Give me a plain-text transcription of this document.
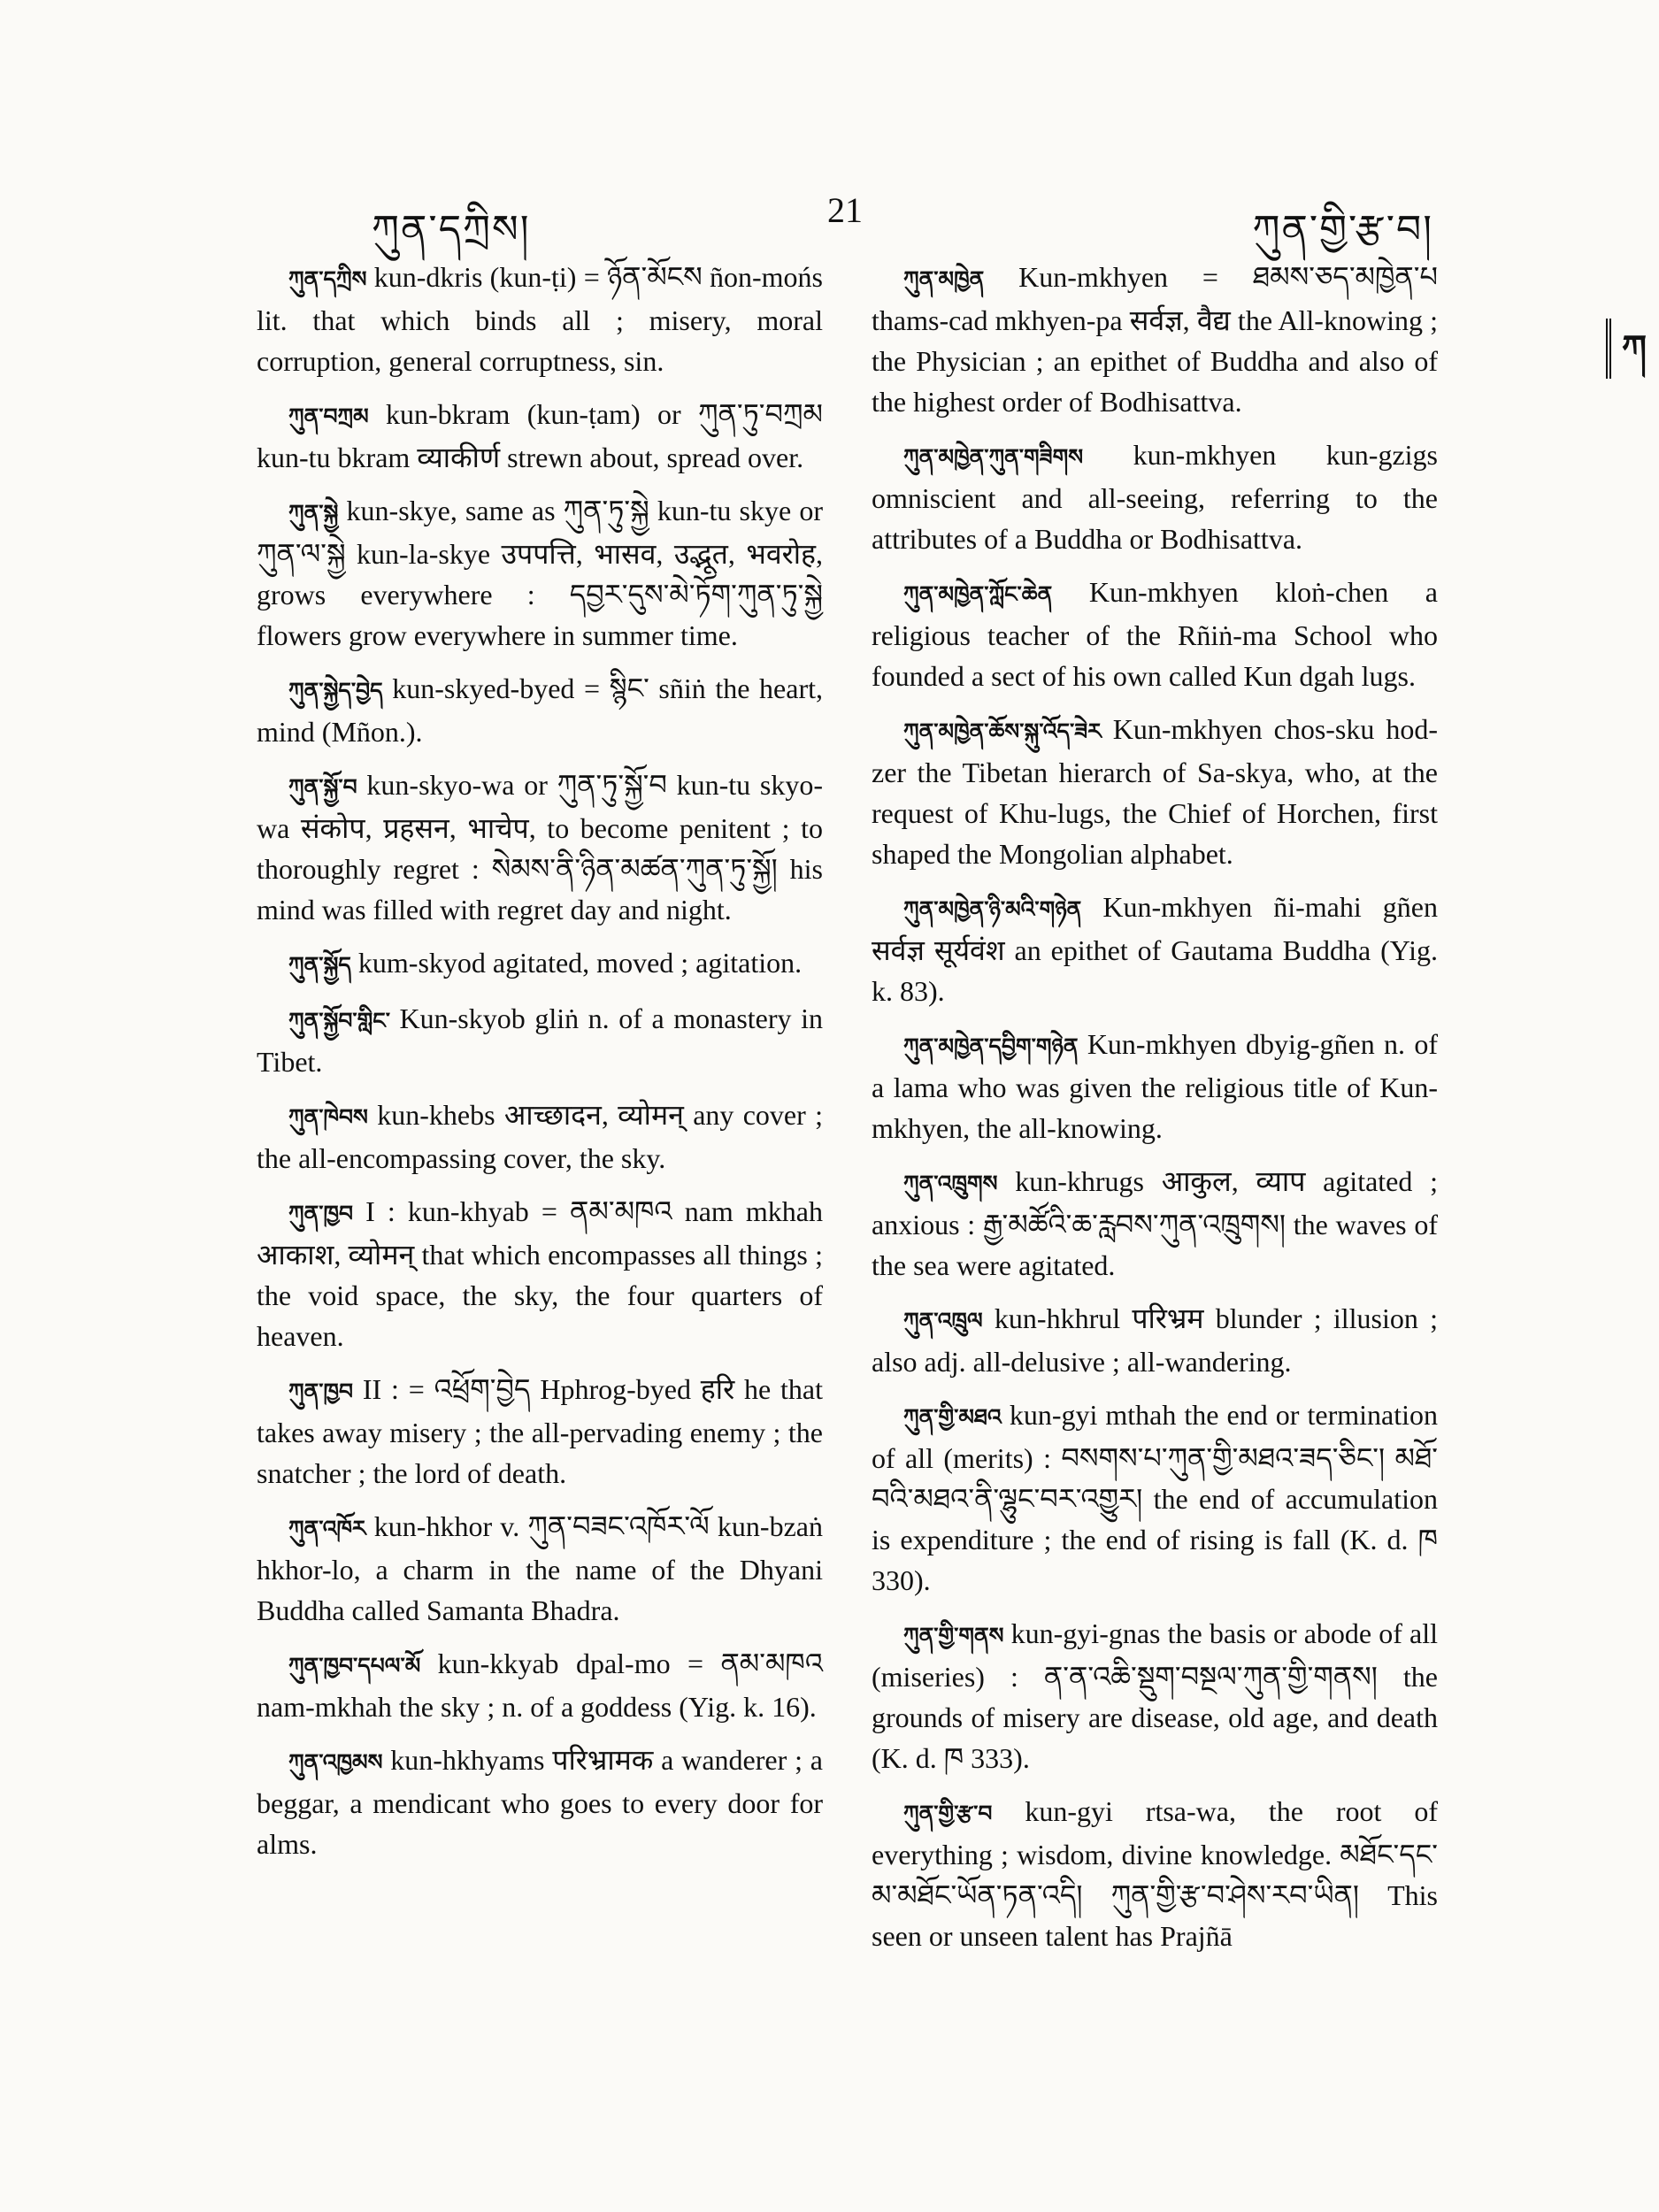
ཀུན་དཀྲིས།	21	ཀུན་གྱི་རྩ་བ།
ཀ

ཀུན་དཀྲིས kun-dkris (kun-ṭi) = ཉོན་མོངས ñon-mońs lit. that which binds all ; misery, moral corruption, general corruptness, sin.

ཀུན་བཀྲམ kun-bkram (kun-ṭam) or ཀུན་ཏུ་བཀྲམ kun-tu bkram व्याकीर्ण strewn about, spread over.

ཀུན་སྐྱེ kun-skye, same as ཀུན་ཏུ་སྐྱེ kun-tu skye or ཀུན་ལ་སྐྱེ kun-la-skye उपपत्ति, भासव, उद्भूत, भवरोह, grows everywhere : དབྱར་དུས་མེ་ཏོག་ཀུན་ཏུ་སྐྱེ flowers grow everywhere in summer time.

ཀུན་སྐྱེད་བྱེད kun-skyed-byed = སྙིང་ sñiṅ the heart, mind (Mñon.).

ཀུན་སྐྱོ་བ kun-skyo-wa or ཀུན་ཏུ་སྐྱོ་བ kun-tu skyo-wa संकोप, प्रहसन, भाचेप, to become penitent ; to thoroughly regret : སེམས་ནི་ཉིན་མཚན་ཀུན་ཏུ་སྐྱོ། his mind was filled with regret day and night.

ཀུན་སྐྱོད kum-skyod agitated, moved ; agitation.

ཀུན་སྐྱོབ་གླིང་ Kun-skyob gliṅ n. of a monastery in Tibet.

ཀུན་ཁེབས kun-khebs आच्छादन, व्योमन् any cover ; the all-encompassing cover, the sky.

ཀུན་ཁྱབ I : kun-khyab = ནམ་མཁའ nam mkhah आकाश, व्योमन् that which encompasses all things ; the void space, the sky, the four quarters of heaven.

ཀུན་ཁྱབ II : = འཕྲོག་བྱེད Hphrog-byed हरि he that takes away misery ; the all-pervading enemy ; the snatcher ; the lord of death.

ཀུན་འཁོར kun-hkhor v. ཀུན་བཟང་འཁོར་ལོ kun-bzaṅ hkhor-lo, a charm in the name of the Dhyani Buddha called Samanta Bhadra.

ཀུན་ཁྱབ་དཔལ་མོ kun-kkyab dpal-mo = ནམ་མཁའ nam-mkhah the sky ; n. of a goddess (Yig. k. 16).

ཀུན་འཁྱམས kun-hkhyams परिभ्रामक a wanderer ; a beggar, a mendicant who goes to every door for alms.

ཀུན་མཁྱེན Kun-mkhyen = ཐམས་ཅད་མཁྱེན་པ thams-cad mkhyen-pa सर्वज्ञ, वैद्य the All-knowing ; the Physician ; an epithet of Buddha and also of the highest order of Bodhisattva.

ཀུན་མཁྱེན་ཀུན་གཟིགས kun-mkhyen kun-gzigs omniscient and all-seeing, referring to the attributes of a Buddha or Bodhisattva.

ཀུན་མཁྱེན་ཀློང་ཆེན Kun-mkhyen kloṅ-chen a religious teacher of the Rñiṅ-ma School who founded a sect of his own called Kun dgah lugs.

ཀུན་མཁྱེན་ཆོས་སྐུ་འོད་ཟེར Kun-mkhyen chos-sku hod-zer the Tibetan hierarch of Sa-skya, who, at the request of Khu-lugs, the Chief of Horchen, first shaped the Mongolian alphabet.

ཀུན་མཁྱེན་ཉི་མའི་གཉེན Kun-mkhyen ñi-mahi gñen सर्वज्ञ सूर्यवंश an epithet of Gautama Buddha (Yig. k. 83).

ཀུན་མཁྱེན་དབྱིག་གཉེན Kun-mkhyen dbyig-gñen n. of a lama who was given the religious title of Kun-mkhyen, the all-knowing.

ཀུན་འཁྲུགས kun-khrugs आकुल, व्याप agitated ; anxious : རྒྱ་མཚོའི་ཆ་རླབས་ཀུན་འཁྲུགས། the waves of the sea were agitated.

ཀུན་འཁྲུལ kun-hkhrul परिभ्रम blunder ; illusion ; also adj. all-delusive ; all-wandering.

ཀུན་གྱི་མཐའ kun-gyi mthah the end or termination of all (merits) : བསགས་པ་ཀུན་གྱི་མཐའ་ཟད་ཅིང་། མཐོ་བའི་མཐའ་ནི་ལྷུང་བར་འགྱུར། the end of accumulation is expenditure ; the end of rising is fall (K. d. ཁ 330).

ཀུན་གྱི་གནས kun-gyi-gnas the basis or abode of all (miseries) : ན་ན་འཆི་སྡུག་བསྔལ་ཀུན་གྱི་གནས། the grounds of misery are disease, old age, and death (K. d. ཁ 333).

ཀུན་གྱི་རྩ་བ kun-gyi rtsa-wa, the root of everything ; wisdom, divine knowledge. མཐོང་དང་མ་མཐོང་ཡོན་ཏན་འདི། ཀུན་གྱི་རྩ་བ་ཤེས་རབ་ཡིན། This seen or unseen talent has Prajñā
